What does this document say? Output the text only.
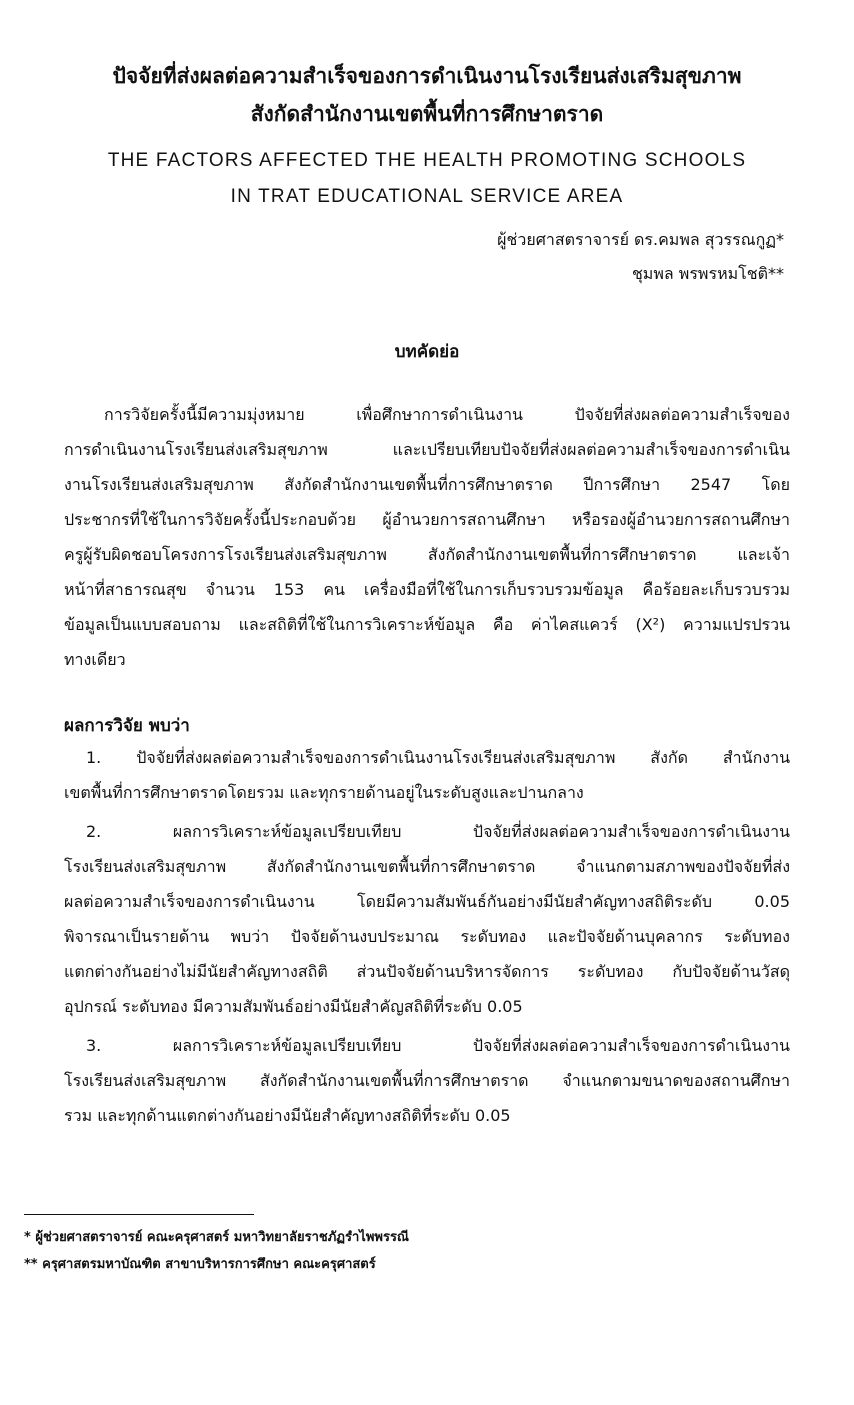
ปัจจัยที่ส่งผลต่อความสำเร็จของการดำเนินงานโรงเรียนส่งเสริมสุขภาพ
สังกัดสำนักงานเขตพื้นที่การศึกษาตราด
THE FACTORS AFFECTED THE HEALTH PROMOTING SCHOOLS
IN TRAT EDUCATIONAL SERVICE AREA
ผู้ช่วยศาสตราจารย์ ดร.คมพล สุวรรณกูฏ*
ชุมพล พรพรหมโชติ**
บทคัดย่อ
การวิจัยครั้งนี้มีความมุ่งหมาย เพื่อศึกษาการดำเนินงาน ปัจจัยที่ส่งผลต่อความสำเร็จของ
การดำเนินงานโรงเรียนส่งเสริมสุขภาพ และเปรียบเทียบปัจจัยที่ส่งผลต่อความสำเร็จของการดำเนิน
งานโรงเรียนส่งเสริมสุขภาพ สังกัดสำนักงานเขตพื้นที่การศึกษาตราด ปีการศึกษา 2547 โดย
ประชากรที่ใช้ในการวิจัยครั้งนี้ประกอบด้วย ผู้อำนวยการสถานศึกษา หรือรองผู้อำนวยการสถานศึกษา
ครูผู้รับผิดชอบโครงการโรงเรียนส่งเสริมสุขภาพ สังกัดสำนักงานเขตพื้นที่การศึกษาตราด และเจ้า
หน้าที่สาธารณสุข จำนวน 153 คน เครื่องมือที่ใช้ในการเก็บรวบรวมข้อมูล คือร้อยละเก็บรวบรวม
ข้อมูลเป็นแบบสอบถาม และสถิติที่ใช้ในการวิเคราะห์ข้อมูล คือ ค่าไคสแควร์ (X²) ความแปรปรวน
ทางเดียว
ผลการวิจัย พบว่า
1. ปัจจัยที่ส่งผลต่อความสำเร็จของการดำเนินงานโรงเรียนส่งเสริมสุขภาพ สังกัด สำนักงาน
เขตพื้นที่การศึกษาตราดโดยรวม และทุกรายด้านอยู่ในระดับสูงและปานกลาง
2. ผลการวิเคราะห์ข้อมูลเปรียบเทียบ ปัจจัยที่ส่งผลต่อความสำเร็จของการดำเนินงาน
โรงเรียนส่งเสริมสุขภาพ สังกัดสำนักงานเขตพื้นที่การศึกษาตราด จำแนกตามสภาพของปัจจัยที่ส่ง
ผลต่อความสำเร็จของการดำเนินงาน โดยมีความสัมพันธ์กันอย่างมีนัยสำคัญทางสถิติระดับ 0.05
พิจารณาเป็นรายด้าน พบว่า ปัจจัยด้านงบประมาณ ระดับทอง และปัจจัยด้านบุคลากร ระดับทอง
แตกต่างกันอย่างไม่มีนัยสำคัญทางสถิติ ส่วนปัจจัยด้านบริหารจัดการ ระดับทอง กับปัจจัยด้านวัสดุ
อุปกรณ์ ระดับทอง มีความสัมพันธ์อย่างมีนัยสำคัญสถิติที่ระดับ 0.05
3. ผลการวิเคราะห์ข้อมูลเปรียบเทียบ ปัจจัยที่ส่งผลต่อความสำเร็จของการดำเนินงาน
โรงเรียนส่งเสริมสุขภาพ สังกัดสำนักงานเขตพื้นที่การศึกษาตราด จำแนกตามขนาดของสถานศึกษา
รวม และทุกด้านแตกต่างกันอย่างมีนัยสำคัญทางสถิติที่ระดับ 0.05
* ผู้ช่วยศาสตราจารย์ คณะครุศาสตร์ มหาวิทยาลัยราชภัฏรำไพพรรณี
** ครุศาสตรมหาบัณฑิต สาขาบริหารการศึกษา คณะครุศาสตร์
